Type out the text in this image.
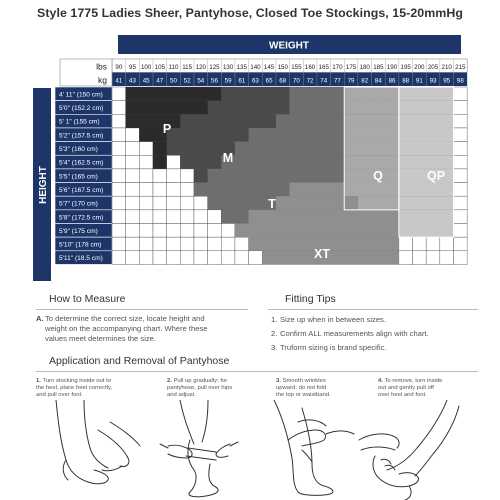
Style 1775 Ladies Sheer, Pantyhose, Closed Toe Stockings, 15-20mmHg
WEIGHT
HEIGHT
lbs
kg
90
41
95
43
100
45
105
47
110
50
115
52
120
54
125
56
130
59
135
61
140
63
145
65
150
68
155
70
160
72
165
74
170
77
175
79
180
82
185
84
190
86
195
88
200
91
205
93
210
95
215
98
4' 11" (150 cm)
5'0" (152.2 cm)
5' 1" (155 cm)
5'2" (157.5 cm)
5'3" (160 cm)
5'4" (162.5 cm)
5'5" (165 cm)
5'6" (167.5 cm)
5'7" (170 cm)
5'8" (172.5 cm)
5'9" (175 cm)
5'10" (178 cm)
5'11" (18.5 cm)
P
M
T
XT
Q	QP
How to Measure
A. To determine the correct size, locate height and
weight on the accompanying chart. Where these
values meet determines the size.
Fitting Tips
1. Size up when in between sizes.
2. Confirm ALL measurements align with chart.
3. Truform sizing is brand specific.
Application and Removal of Pantyhose
1. Turn stocking inside out to
the heel, place heel correctly,
and pull over foot.
2. Pull up gradually; for
pantyhose, pull over hips
and adjust.
3. Smooth wrinkles
upward; do not fold
the top or waistband.
4. To remove, turn inside
out and gently pull off
over heel and foot.
